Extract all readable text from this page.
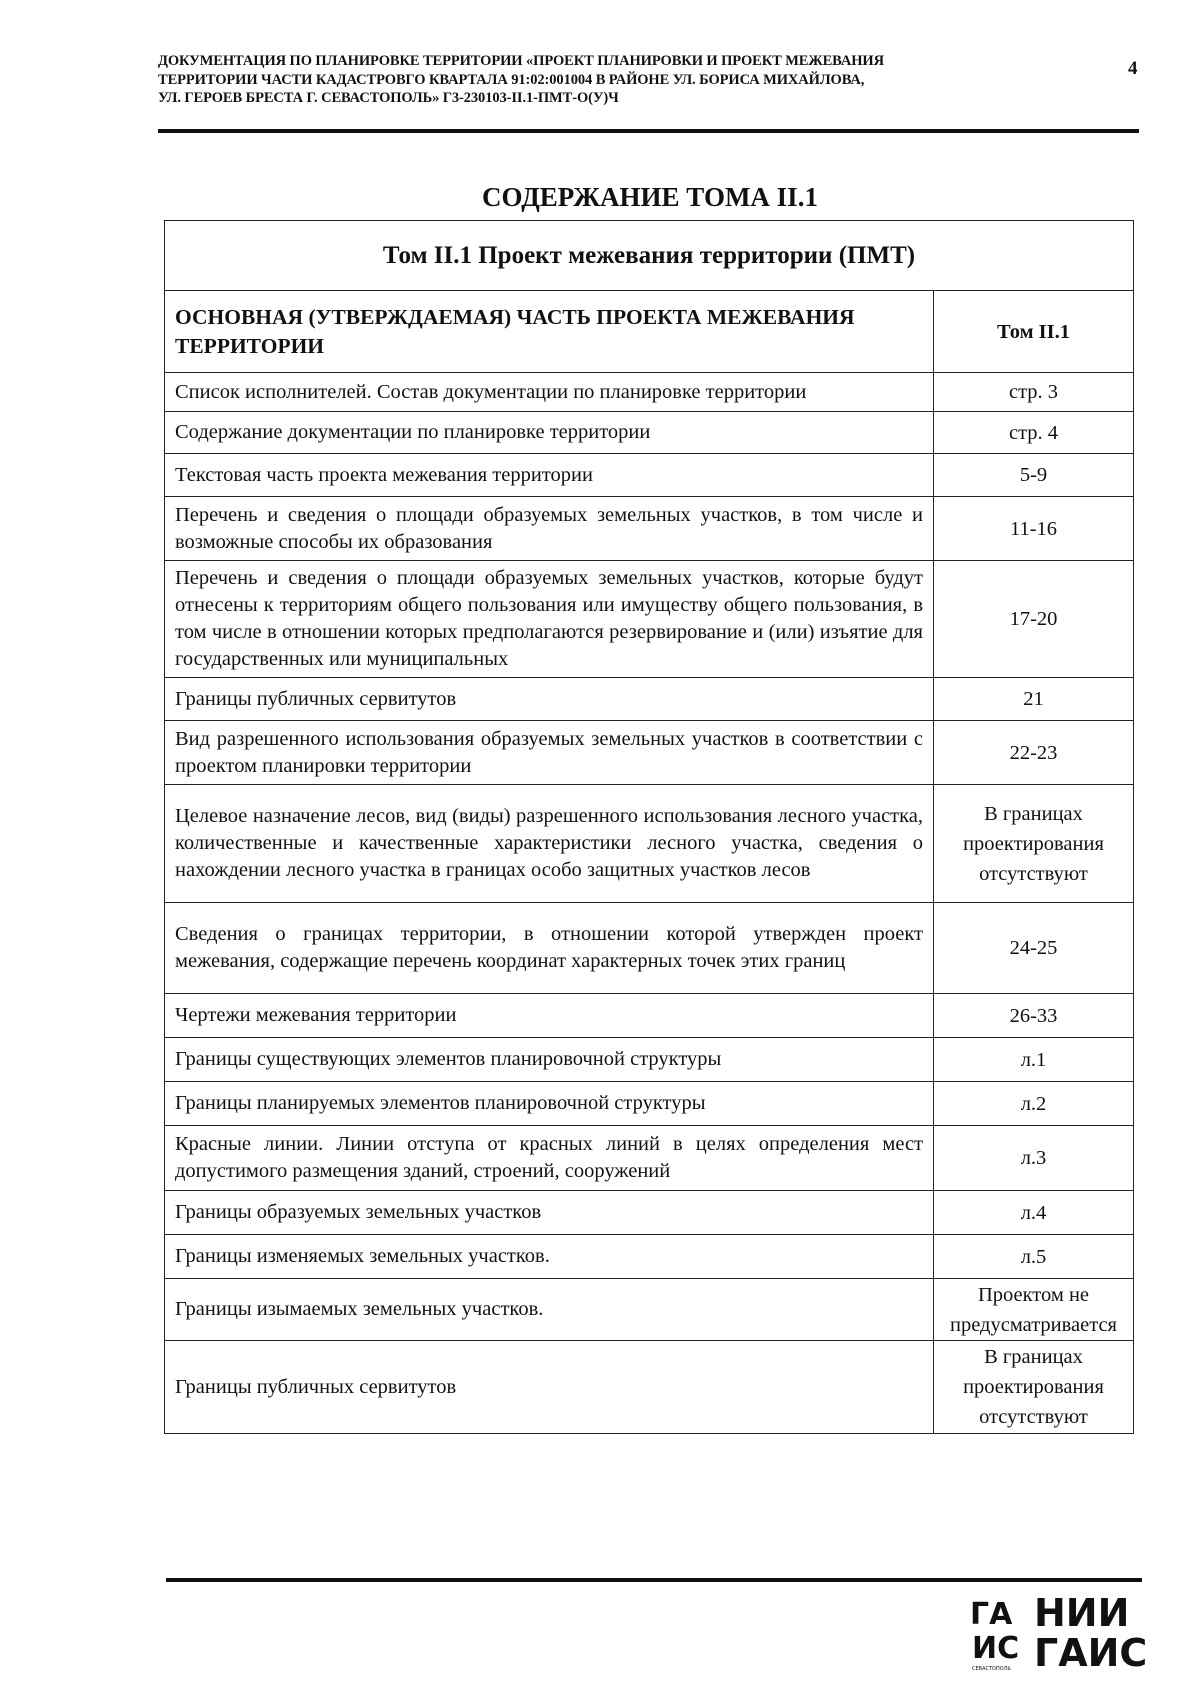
ДОКУМЕНТАЦИЯ ПО ПЛАНИРОВКЕ ТЕРРИТОРИИ «ПРОЕКТ ПЛАНИРОВКИ И ПРОЕКТ МЕЖЕВАНИЯ
ТЕРРИТОРИИ ЧАСТИ КАДАСТРОВГО КВАРТАЛА 91:02:001004 В РАЙОНЕ УЛ. БОРИСА МИХАЙЛОВА,
УЛ. ГЕРОЕВ БРЕСТА Г. СЕВАСТОПОЛЬ» Г3-230103-II.1-ПМТ-О(У)Ч
4
СОДЕРЖАНИЕ ТОМА II.1
Том II.1 Проект межевания территории (ПМТ)	
ОСНОВНАЯ (УТВЕРЖДАЕМАЯ) ЧАСТЬ ПРОЕКТА МЕЖЕВАНИЯ ТЕРРИТОРИИ	Том II.1
Список исполнителей. Состав документации по планировке территории	стр. 3
Содержание документации по планировке территории	стр. 4
Текстовая часть проекта межевания территории	5-9
Перечень и сведения о площади образуемых земельных участков, в том числе и возможные способы их образования	11-16
Перечень и сведения о площади образуемых земельных участков, которые будут отнесены к территориям общего пользования или имуществу общего пользования, в том числе в отношении которых предполагаются резервирование и (или) изъятие для государственных или муниципальных	17-20
Границы публичных сервитутов	21
Вид разрешенного использования образуемых земельных участков в соответствии с проектом планировки территории	22-23
Целевое назначение лесов, вид (виды) разрешенного использования лесного участка, количественные и качественные характеристики лесного участка, сведения о нахождении лесного участка в границах особо защитных участков лесов	В границах проектирования отсутствуют
Сведения о границах территории, в отношении которой утвержден проект межевания, содержащие перечень координат характерных точек этих границ	24-25
Чертежи межевания территории	26-33
Границы существующих элементов планировочной структуры	л.1
Границы планируемых элементов планировочной структуры	л.2
Красные линии. Линии отступа от красных линий в целях определения мест допустимого размещения зданий, строений, сооружений	л.3
Границы образуемых земельных участков	л.4
Границы изменяемых земельных участков.	л.5
Границы изымаемых земельных участков.	Проектом не предусматривается
Границы публичных сервитутов	В границах проектирования отсутствуют
ГА
ИС
НИИ
ГАИС
СЕВАСТОПОЛЬ
